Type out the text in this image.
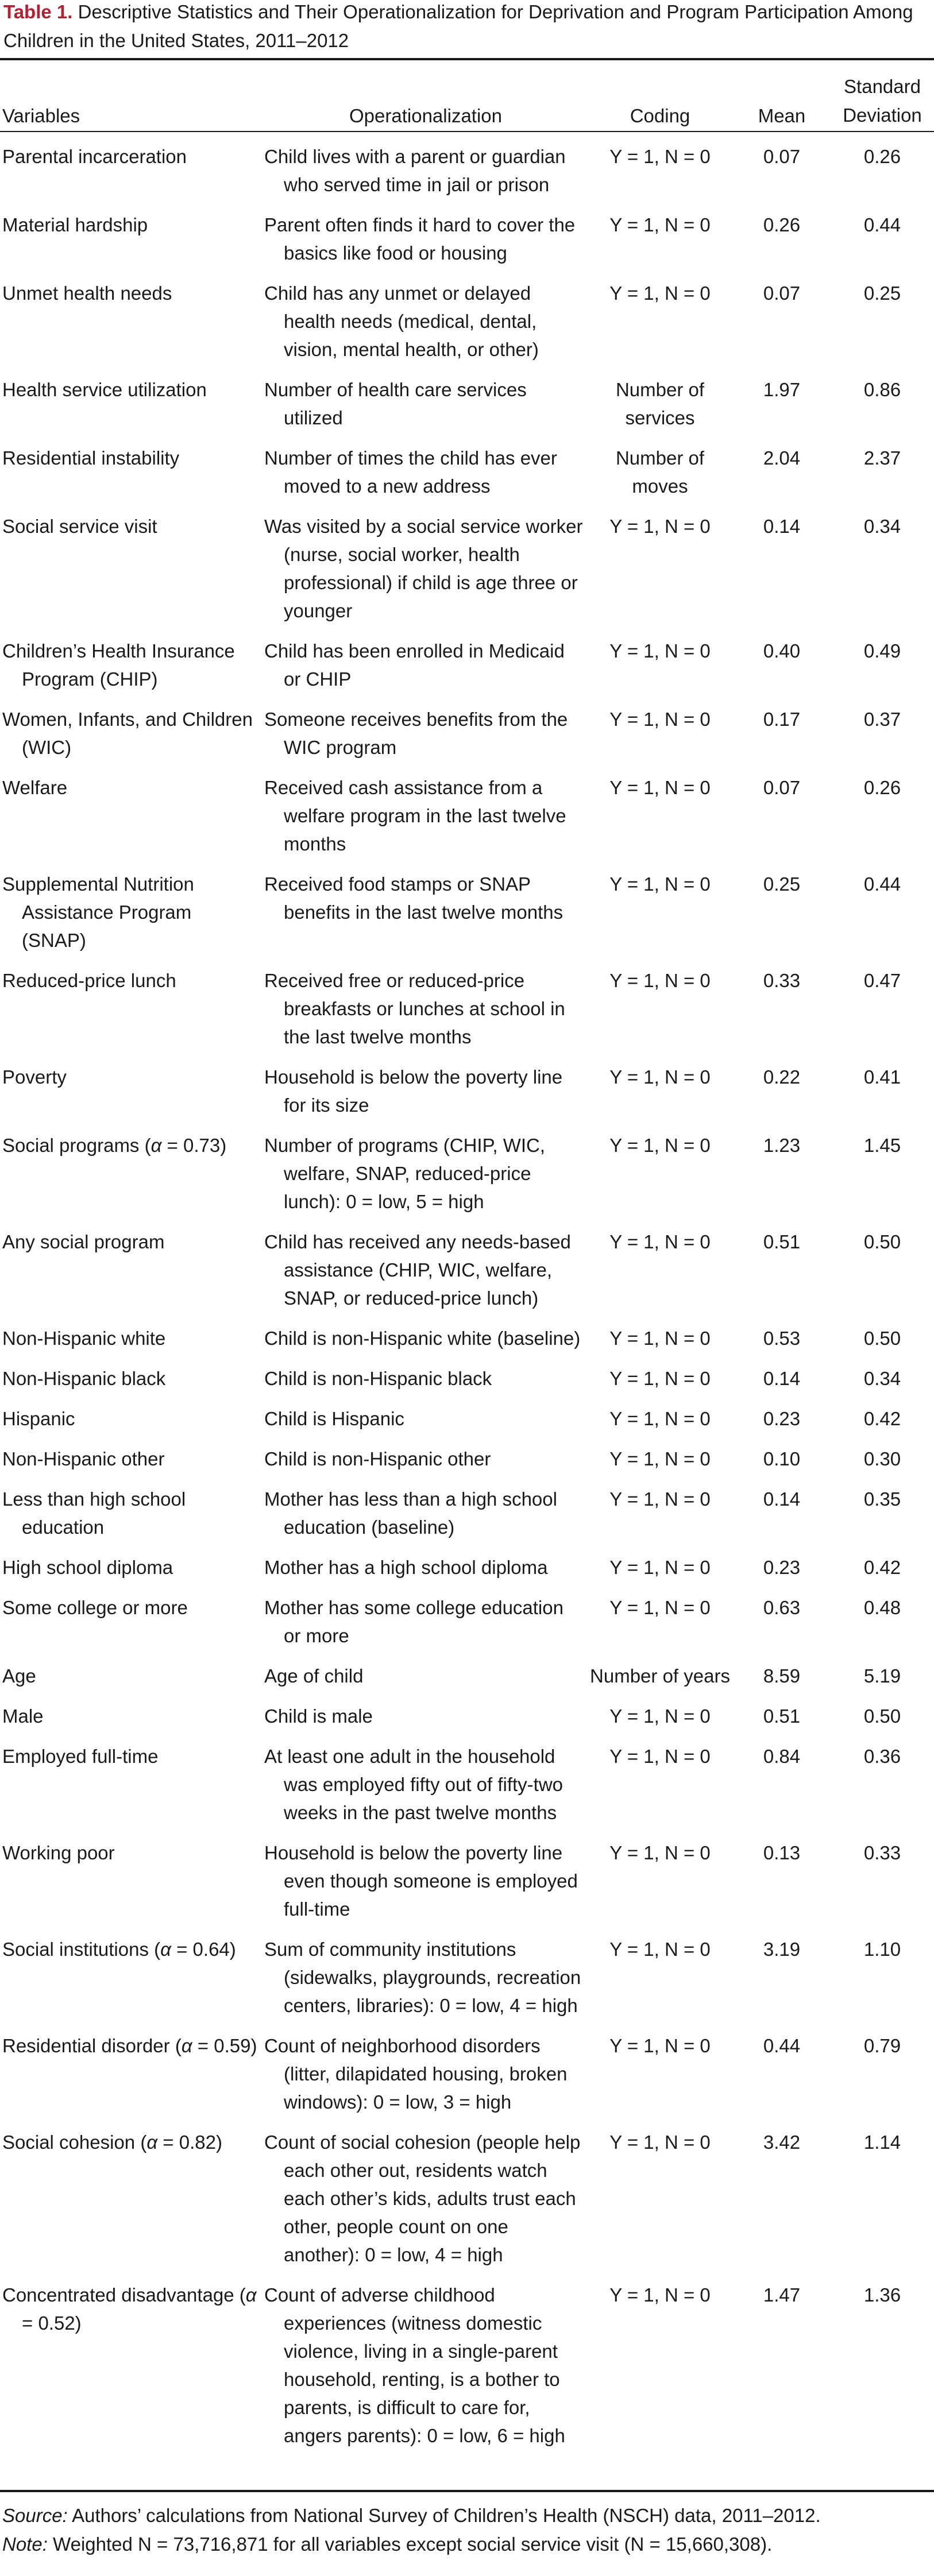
Table 1. Descriptive Statistics and Their Operationalization for Deprivation and Program Participation Among Children in the United States, 2011–2012
Variables	Operationalization	Coding	Mean	Standard
Deviation

Parental incarceration	Child lives with a parent or guardian who served time in jail or prison	Y = 1, N = 0	0.07	0.26

Material hardship	Parent often finds it hard to cover the basics like food or housing	Y = 1, N = 0	0.26	0.44

Unmet health needs	Child has any unmet or delayed health needs (medical, dental, vision, mental health, or other)	Y = 1, N = 0	0.07	0.25

Health service utilization	Number of health care services utilized	Number of services	1.97	0.86

Residential instability	Number of times the child has ever moved to a new address	Number of moves	2.04	2.37

Social service visit	Was visited by a social service worker (nurse, social worker, health professional) if child is age three or younger	Y = 1, N = 0	0.14	0.34

Children’s Health Insurance Program (CHIP)	Child has been enrolled in Medicaid or CHIP	Y = 1, N = 0	0.40	0.49

Women, Infants, and Children (WIC)	Someone receives benefits from the WIC program	Y = 1, N = 0	0.17	0.37

Welfare	Received cash assistance from a welfare program in the last twelve months	Y = 1, N = 0	0.07	0.26

Supplemental Nutrition Assistance Program (SNAP)	Received food stamps or SNAP benefits in the last twelve months	Y = 1, N = 0	0.25	0.44

Reduced-price lunch	Received free or reduced-price breakfasts or lunches at school in the last twelve months	Y = 1, N = 0	0.33	0.47

Poverty	Household is below the poverty line for its size	Y = 1, N = 0	0.22	0.41

Social programs (α = 0.73)	Number of programs (CHIP, WIC, welfare, SNAP, reduced-price lunch): 0 = low, 5 = high	Y = 1, N = 0	1.23	1.45

Any social program	Child has received any needs-based assistance (CHIP, WIC, welfare, SNAP, or reduced-price lunch)	Y = 1, N = 0	0.51	0.50

Non-Hispanic white	Child is non-Hispanic white (baseline)	Y = 1, N = 0	0.53	0.50

Non-Hispanic black	Child is non-Hispanic black	Y = 1, N = 0	0.14	0.34

Hispanic	Child is Hispanic	Y = 1, N = 0	0.23	0.42

Non-Hispanic other	Child is non-Hispanic other	Y = 1, N = 0	0.10	0.30

Less than high school education	Mother has less than a high school education (baseline)	Y = 1, N = 0	0.14	0.35

High school diploma	Mother has a high school diploma	Y = 1, N = 0	0.23	0.42

Some college or more	Mother has some college education or more	Y = 1, N = 0	0.63	0.48

Age	Age of child	Number of years	8.59	5.19

Male	Child is male	Y = 1, N = 0	0.51	0.50

Employed full-time	At least one adult in the household was employed fifty out of fifty-two weeks in the past twelve months	Y = 1, N = 0	0.84	0.36

Working poor	Household is below the poverty line even though someone is employed full-time	Y = 1, N = 0	0.13	0.33

Social institutions (α = 0.64)	Sum of community institutions (sidewalks, playgrounds, recreation centers, libraries): 0 = low, 4 = high	Y = 1, N = 0	3.19	1.10

Residential disorder (α = 0.59)	Count of neighborhood disorders (litter, dilapidated housing, broken windows): 0 = low, 3 = high	Y = 1, N = 0	0.44	0.79

Social cohesion (α = 0.82)	Count of social cohesion (people help each other out, residents watch each other’s kids, adults trust each other, people count on one another): 0 = low, 4 = high	Y = 1, N = 0	3.42	1.14

Concentrated disadvantage (α = 0.52)	Count of adverse childhood experiences (witness domestic violence, living in a single-parent household, renting, is a bother to parents, is difficult to care for, angers parents): 0 = low, 6 = high	Y = 1, N = 0	1.47	1.36
Source: Authors’ calculations from National Survey of Children’s Health (NSCH) data, 2011–2012.
Note: Weighted N = 73,716,871 for all variables except social service visit (N = 15,660,308).
